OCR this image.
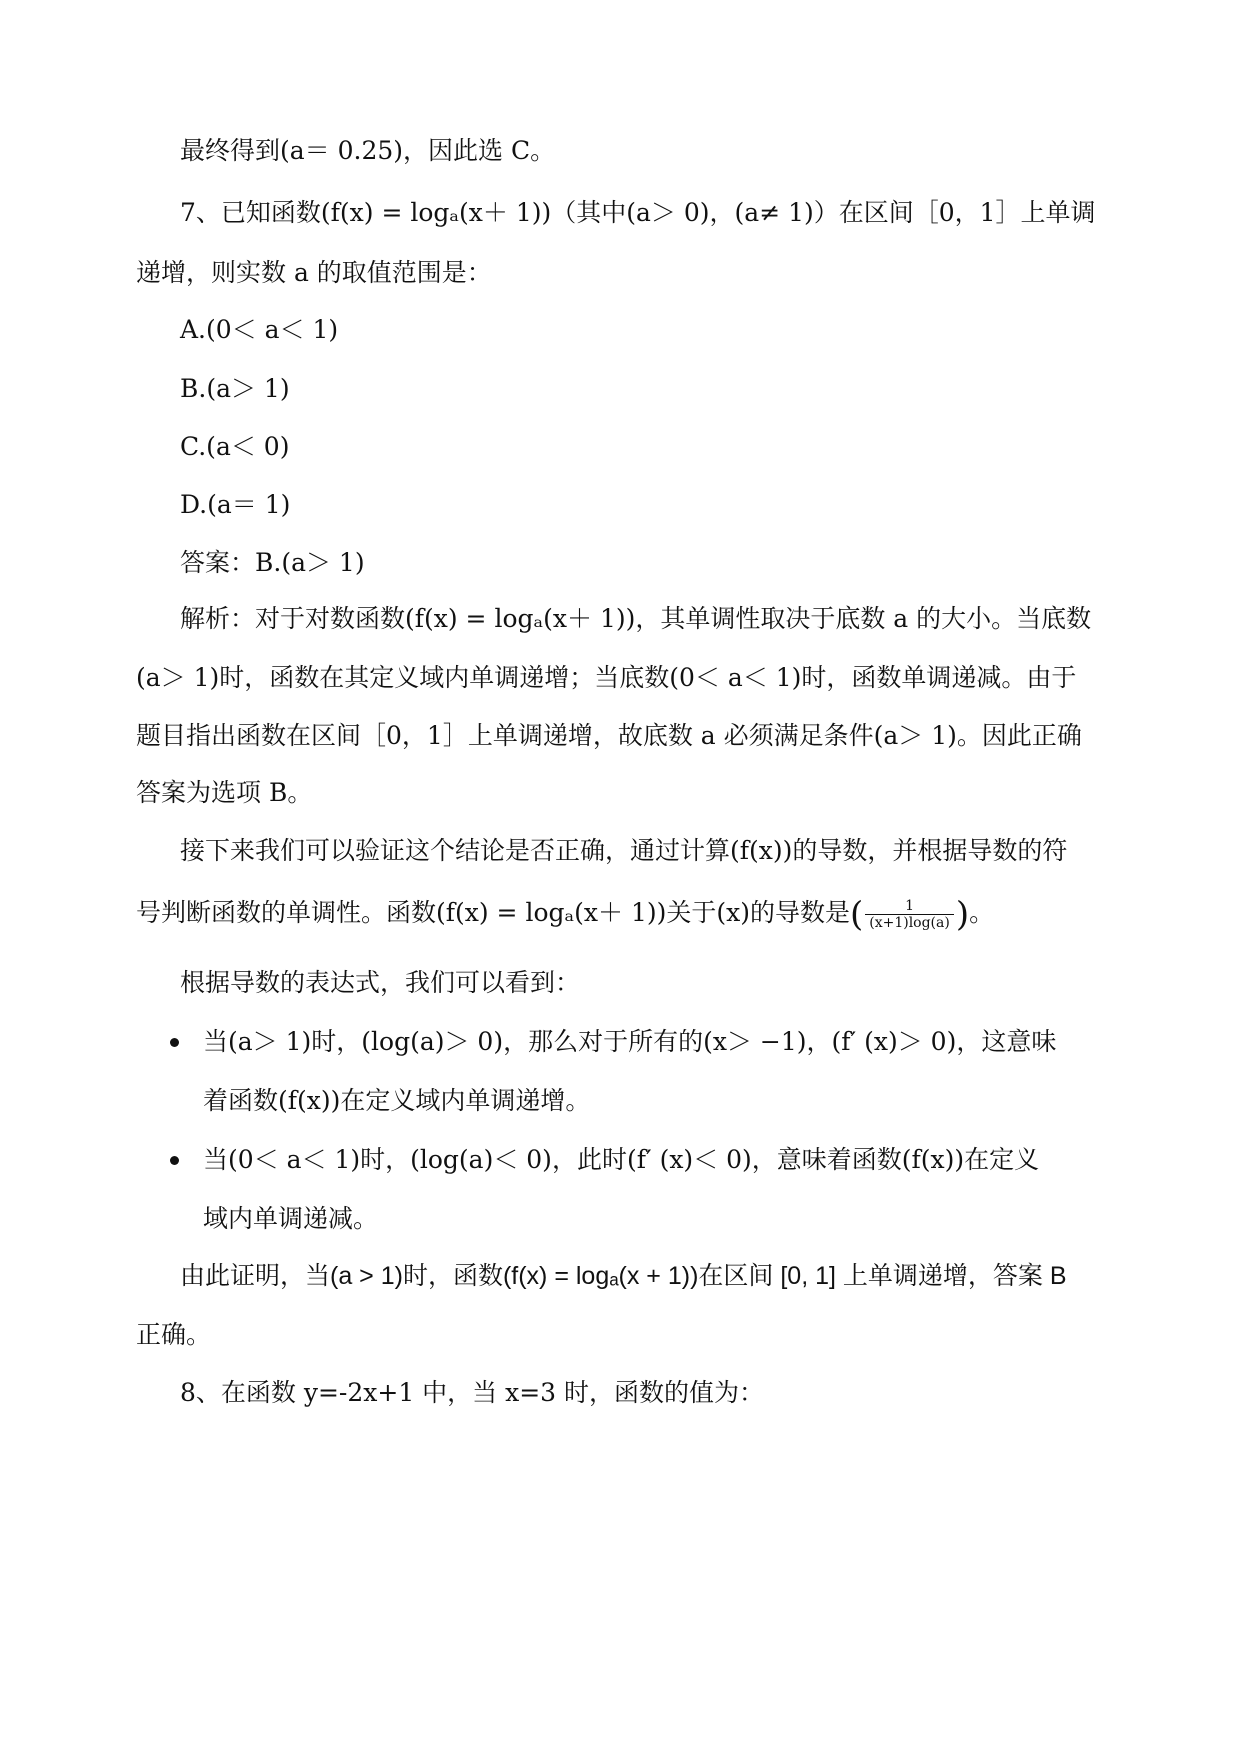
最终得到(a＝ 0.25)，因此选 C。
7、已知函数(f(x) = logₐ(x＋ 1))（其中(a＞ 0)，(a≠ 1)）在区间［0，1］上单调
递增，则实数 a 的取值范围是：
A.(0＜ a＜ 1)
B.(a＞ 1)
C.(a＜ 0)
D.(a＝ 1)
答案：B.(a＞ 1)
解析：对于对数函数(f(x) = logₐ(x＋ 1))，其单调性取决于底数 a 的大小。当底数
(a＞ 1)时，函数在其定义域内单调递增；当底数(0＜ a＜ 1)时，函数单调递减。由于
题目指出函数在区间［0，1］上单调递增，故底数 a 必须满足条件(a＞ 1)。因此正确
答案为选项 B。
接下来我们可以验证这个结论是否正确，通过计算(f(x))的导数，并根据导数的符
号判断函数的单调性。函数(f(x) = logₐ(x＋ 1))关于(x)的导数是( $\frac{1}{(x+1)\log(a)}$ )。
根据导数的表达式，我们可以看到：
当(a＞ 1)时，(log(a)＞ 0)，那么对于所有的(x＞ −1)，(f′ (x)＞ 0)，这意味
着函数(f(x))在定义域内单调递增。
当(0＜ a＜ 1)时，(log(a)＜ 0)，此时(f′ (x)＜ 0)，意味着函数(f(x))在定义
域内单调递减。
由此证明，当(a > 1)时，函数(f(x) = logₐ(x + 1))在区间 [0, 1] 上单调递增，答案 B
正确。
8、在函数 y=-2x+1 中，当 x=3 时，函数的值为：
